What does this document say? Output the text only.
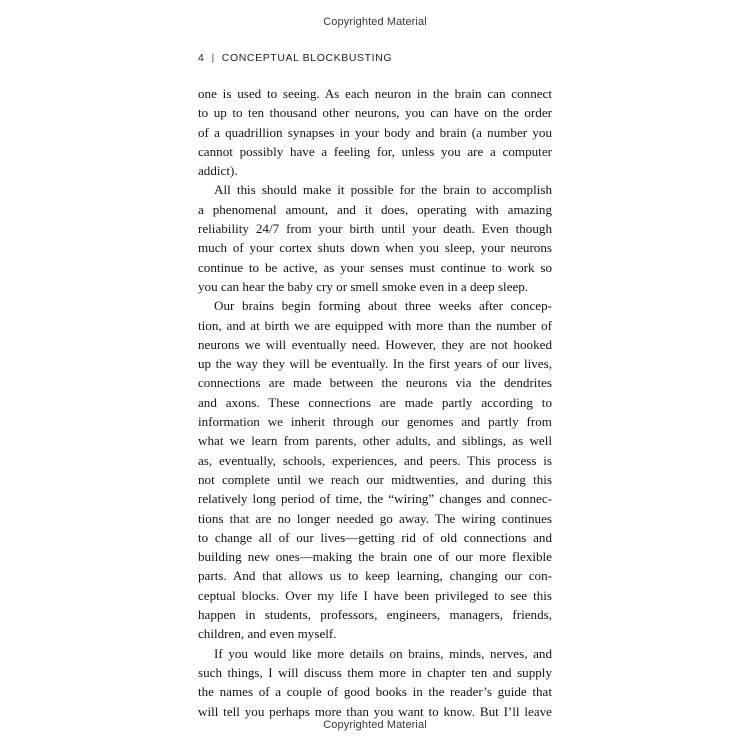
Copyrighted Material
4 | CONCEPTUAL BLOCKBUSTING
one is used to seeing. As each neuron in the brain can connect
to up to ten thousand other neurons, you can have on the order
of a quadrillion synapses in your body and brain (a number you
cannot possibly have a feeling for, unless you are a computer
addict).
All this should make it possible for the brain to accomplish
a phenomenal amount, and it does, operating with amazing
reliability 24/7 from your birth until your death. Even though
much of your cortex shuts down when you sleep, your neurons
continue to be active, as your senses must continue to work so
you can hear the baby cry or smell smoke even in a deep sleep.
Our brains begin forming about three weeks after concep-
tion, and at birth we are equipped with more than the number of
neurons we will eventually need. However, they are not hooked
up the way they will be eventually. In the first years of our lives,
connections are made between the neurons via the dendrites
and axons. These connections are made partly according to
information we inherit through our genomes and partly from
what we learn from parents, other adults, and siblings, as well
as, eventually, schools, experiences, and peers. This process is
not complete until we reach our midtwenties, and during this
relatively long period of time, the “wiring” changes and connec-
tions that are no longer needed go away. The wiring continues
to change all of our lives—getting rid of old connections and
building new ones—making the brain one of our more flexible
parts. And that allows us to keep learning, changing our con-
ceptual blocks. Over my life I have been privileged to see this
happen in students, professors, engineers, managers, friends,
children, and even myself.
If you would like more details on brains, minds, nerves, and
such things, I will discuss them more in chapter ten and supply
the names of a couple of good books in the reader’s guide that
will tell you perhaps more than you want to know. But I’ll leave
Copyrighted Material
